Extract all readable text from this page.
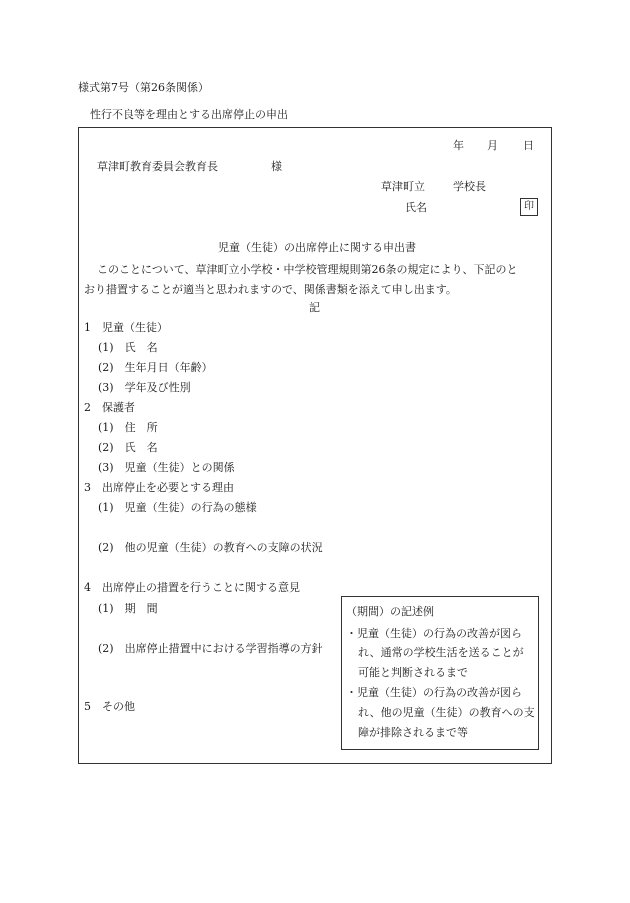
様式第7号（第26条関係）
性行不良等を理由とする出席停止の申出
年 月 日
草津町教育委員会教育長	様
草津町立	学校長
氏名	印
児童（生徒）の出席停止に関する申出書
このことについて、草津町立小学校・中学校管理規則第26条の規定により、下記のと
おり措置することが適当と思われますので、関係書類を添えて申し出ます。
記
1　児童（生徒）
(1)　氏　名
(2)　生年月日（年齢）
(3)　学年及び性別
2　保護者
(1)　住　所
(2)　氏　名
(3)　児童（生徒）との関係
3　出席停止を必要とする理由
(1)　児童（生徒）の行為の態様
(2)　他の児童（生徒）の教育への支障の状況
4　出席停止の措置を行うことに関する意見
(1)　期　間
(2)　出席停止措置中における学習指導の方針
5　その他
（期間）の記述例
・児童（生徒）の行為の改善が図ら
れ、通常の学校生活を送ることが
可能と判断されるまで
・児童（生徒）の行為の改善が図ら
れ、他の児童（生徒）の教育への支
障が排除されるまで等
